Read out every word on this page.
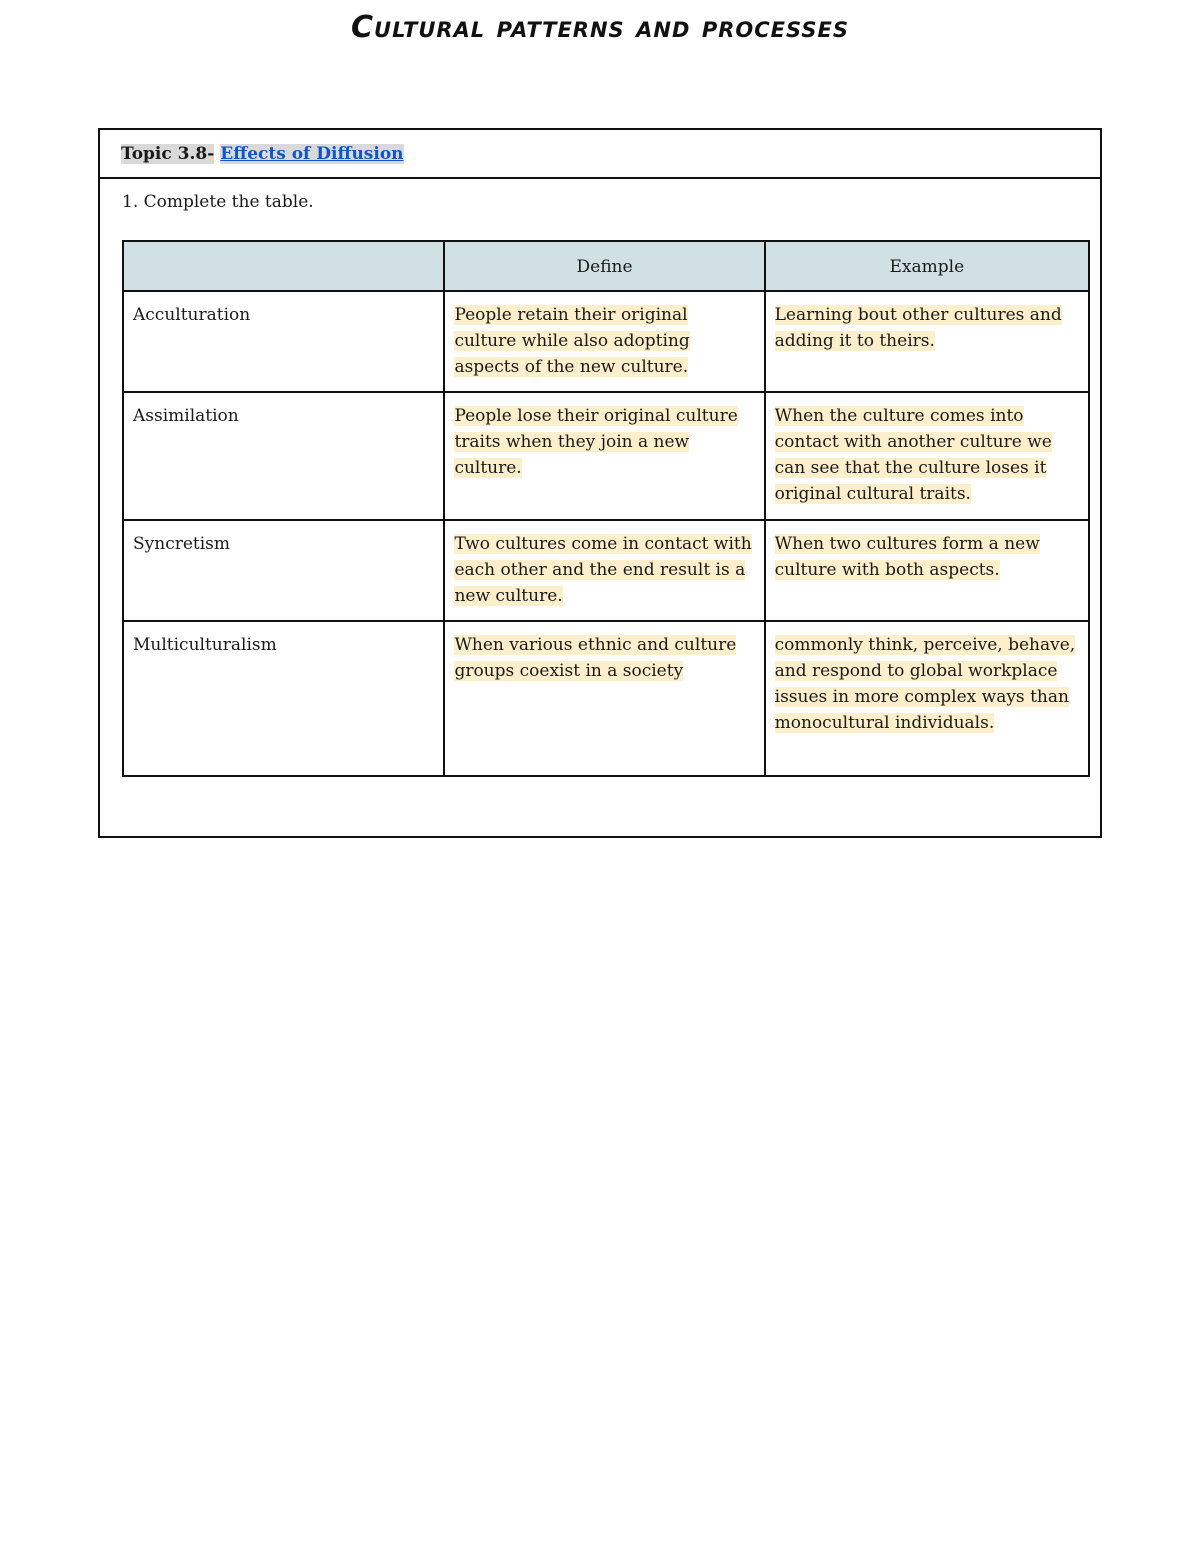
Cultural patterns and processes
Topic 3.8- Effects of Diffusion
1. Complete the table.
	Define	Example
Acculturation	People retain their original culture while also adopting aspects of the new culture.	Learning bout other cultures and adding it to theirs.
Assimilation	People lose their original culture traits when they join a new culture.	When the culture comes into contact with another culture we can see that the culture loses it original cultural traits.
Syncretism	Two cultures come in contact with each other and the end result is a new culture.	When two cultures form a new culture with both aspects.
Multiculturalism	When various ethnic and culture groups coexist in a society	commonly think, perceive, behave, and respond to global workplace issues in more complex ways than monocultural individuals.
